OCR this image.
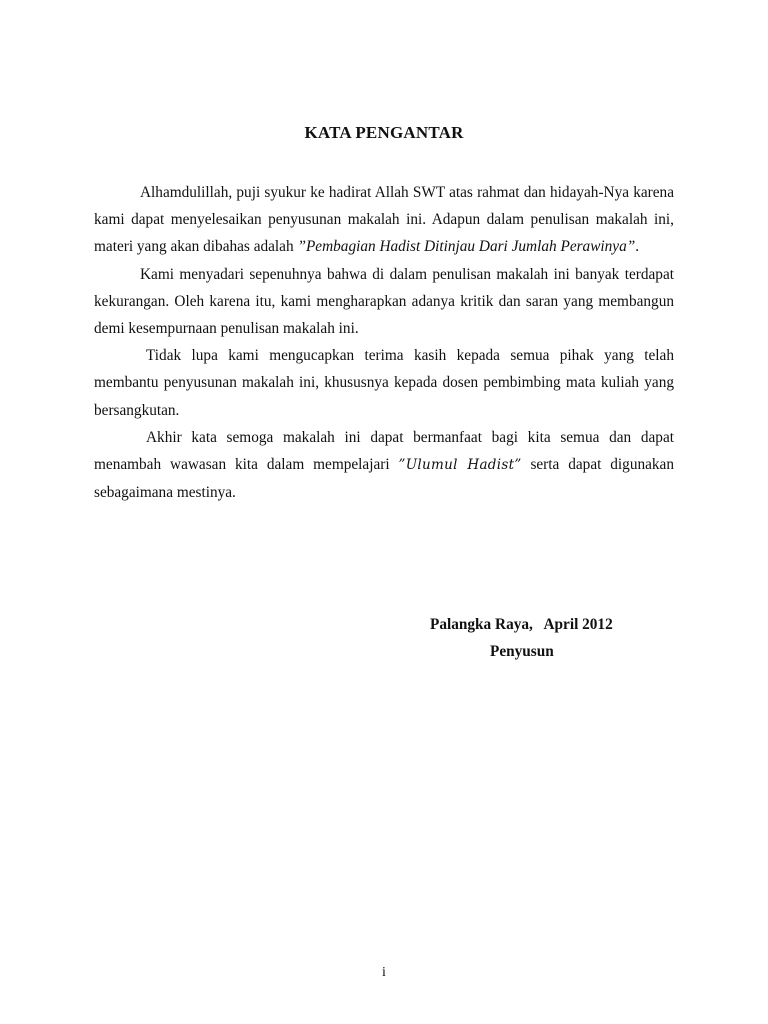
KATA PENGANTAR

Alhamdulillah, puji syukur ke hadirat Allah SWT atas rahmat dan hidayah-Nya karena kami dapat menyelesaikan penyusunan makalah ini. Adapun dalam penulisan makalah ini, materi yang akan dibahas adalah ”Pembagian Hadist Ditinjau Dari Jumlah Perawinya”.

Kami menyadari sepenuhnya bahwa di dalam penulisan makalah ini banyak terdapat kekurangan. Oleh karena itu, kami mengharapkan adanya kritik dan saran yang membangun demi kesempurnaan penulisan makalah ini.

Tidak lupa kami mengucapkan terima kasih kepada semua pihak yang telah membantu penyusunan makalah ini, khususnya kepada dosen pembimbing mata kuliah yang bersangkutan.

Akhir kata semoga makalah ini dapat bermanfaat bagi kita semua dan dapat menambah wawasan kita dalam mempelajari ”Ulumul Hadist” serta dapat digunakan sebagaimana mestinya.

Palangka Raya,   April 2012
Penyusun
i
